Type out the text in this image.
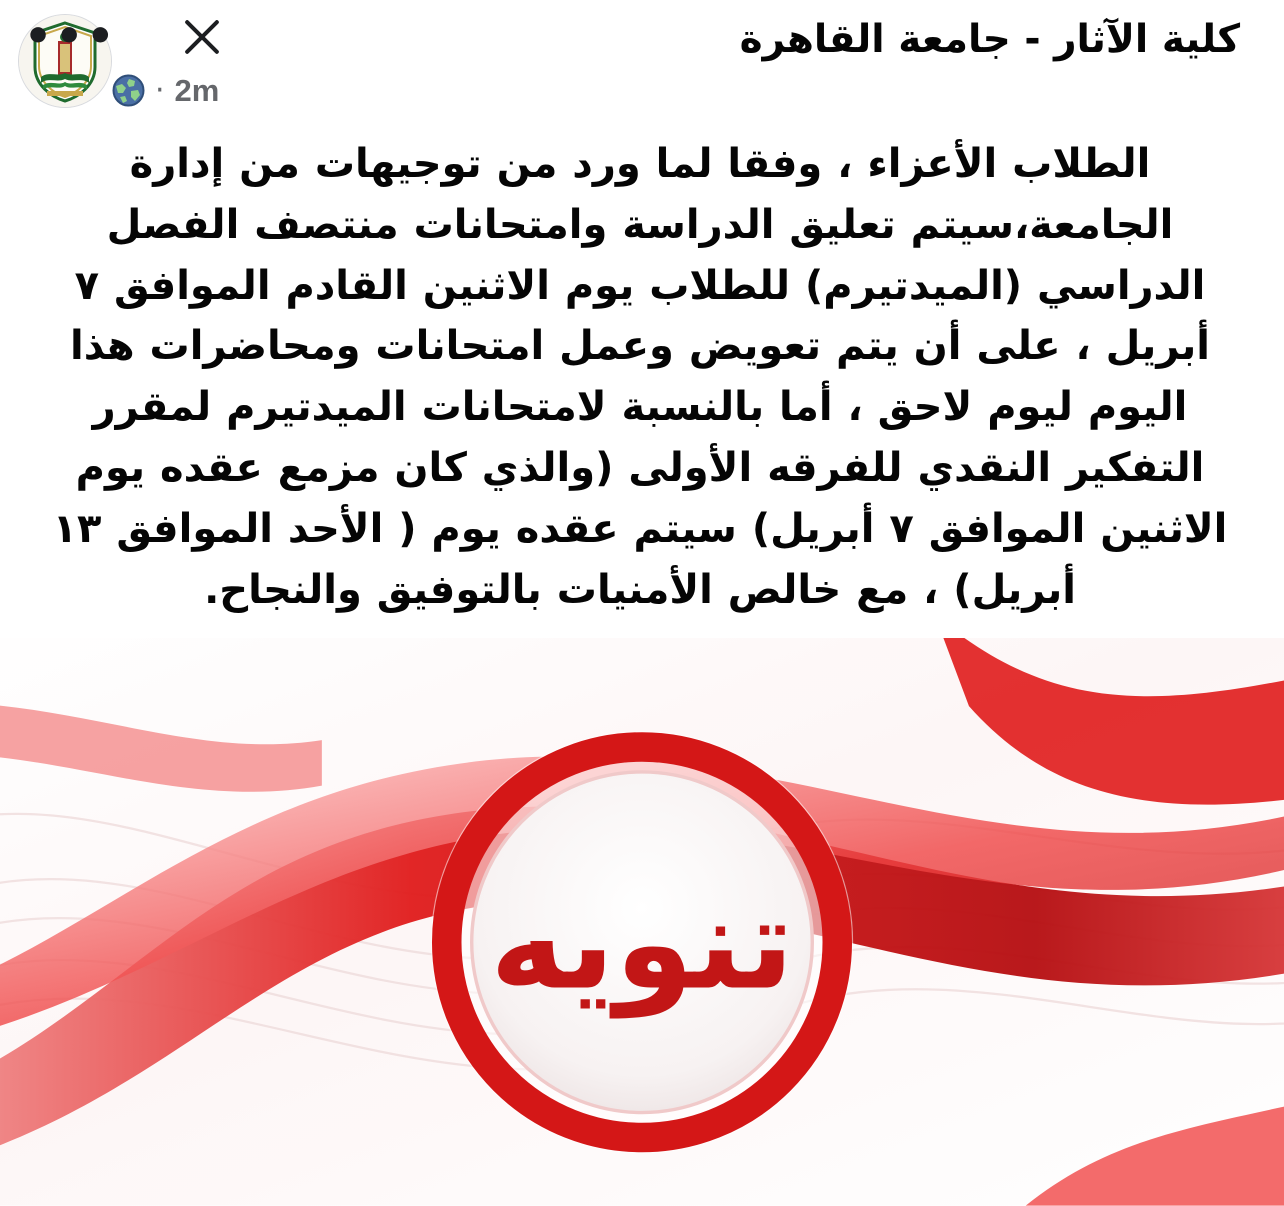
كلية الآثار - جامعة القاهرة
2m
·
•••
الطلاب الأعزاء ، وفقا لما ورد من توجيهات من إدارة الجامعة،سيتم تعليق الدراسة وامتحانات منتصف الفصل الدراسي (الميدتيرم) للطلاب يوم الاثنين القادم الموافق ٧ أبريل ، على أن يتم تعويض وعمل امتحانات ومحاضرات هذا اليوم ليوم لاحق ، أما بالنسبة لامتحانات الميدتيرم لمقرر التفكير النقدي للفرقه الأولى (والذي كان مزمع عقده يوم الاثنين الموافق ٧ أبريل) سيتم عقده يوم ( الأحد الموافق ١٣ أبريل) ، مع خالص الأمنيات بالتوفيق والنجاح.
تنويه
